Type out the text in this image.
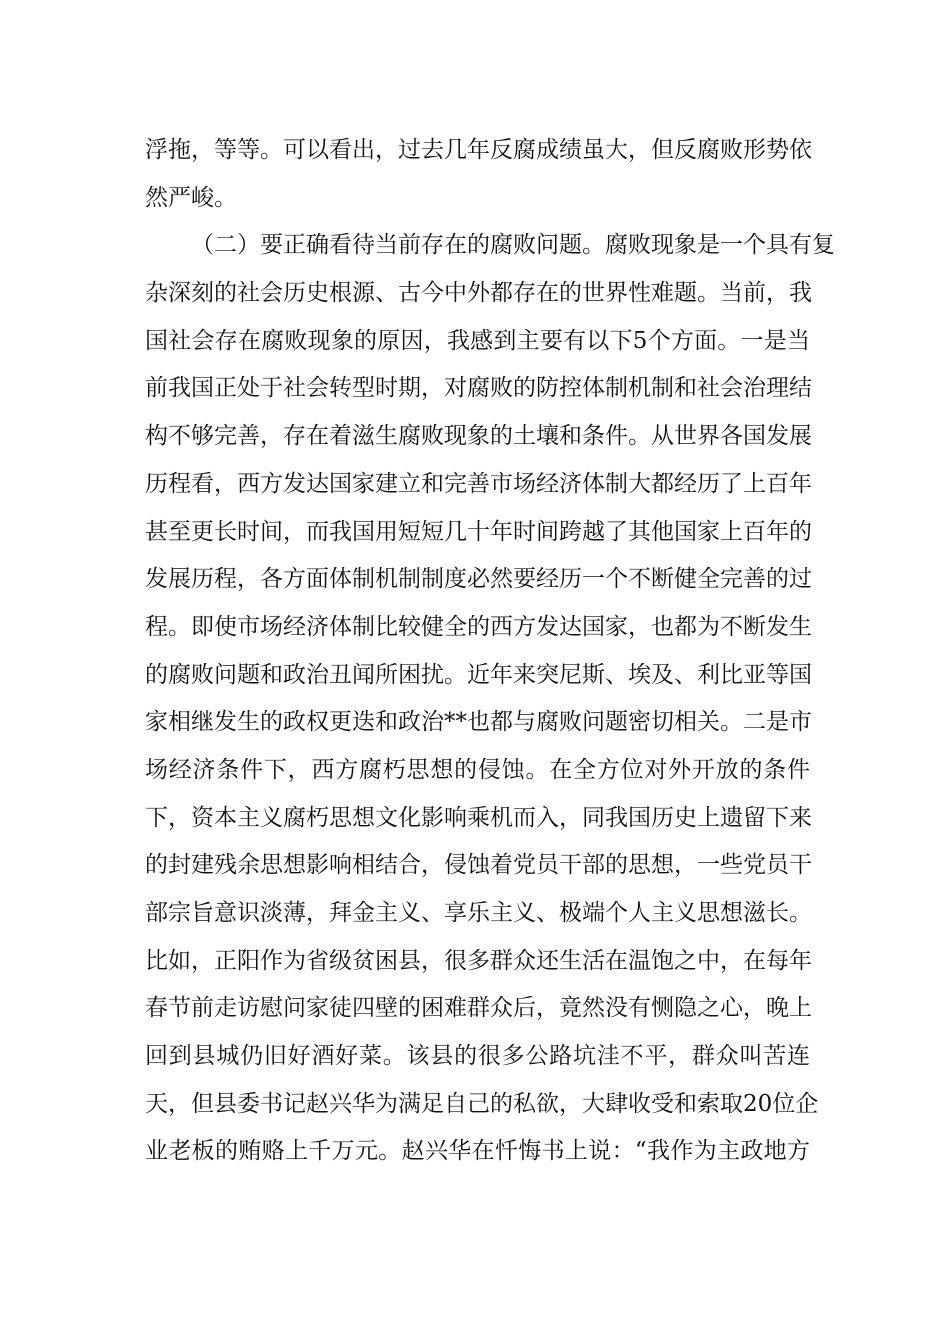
浮拖，等等。可以看出，过去几年反腐成绩虽大，但反腐败形势依
然严峻。
（二）要正确看待当前存在的腐败问题。腐败现象是一个具有复
杂深刻的社会历史根源、古今中外都存在的世界性难题。当前，我
国社会存在腐败现象的原因，我感到主要有以下5个方面。一是当
前我国正处于社会转型时期，对腐败的防控体制机制和社会治理结
构不够完善，存在着滋生腐败现象的土壤和条件。从世界各国发展
历程看，西方发达国家建立和完善市场经济体制大都经历了上百年
甚至更长时间，而我国用短短几十年时间跨越了其他国家上百年的
发展历程，各方面体制机制制度必然要经历一个不断健全完善的过
程。即使市场经济体制比较健全的西方发达国家，也都为不断发生
的腐败问题和政治丑闻所困扰。近年来突尼斯、埃及、利比亚等国
家相继发生的政权更迭和政治**也都与腐败问题密切相关。二是市
场经济条件下，西方腐朽思想的侵蚀。在全方位对外开放的条件
下，资本主义腐朽思想文化影响乘机而入，同我国历史上遗留下来
的封建残余思想影响相结合，侵蚀着党员干部的思想，一些党员干
部宗旨意识淡薄，拜金主义、享乐主义、极端个人主义思想滋长。
比如，正阳作为省级贫困县，很多群众还生活在温饱之中，在每年
春节前走访慰问家徒四壁的困难群众后，竟然没有恻隐之心，晚上
回到县城仍旧好酒好菜。该县的很多公路坑洼不平，群众叫苦连
天，但县委书记赵兴华为满足自己的私欲，大肆收受和索取20位企
业老板的贿赂上千万元。赵兴华在忏悔书上说：“我作为主政地方
